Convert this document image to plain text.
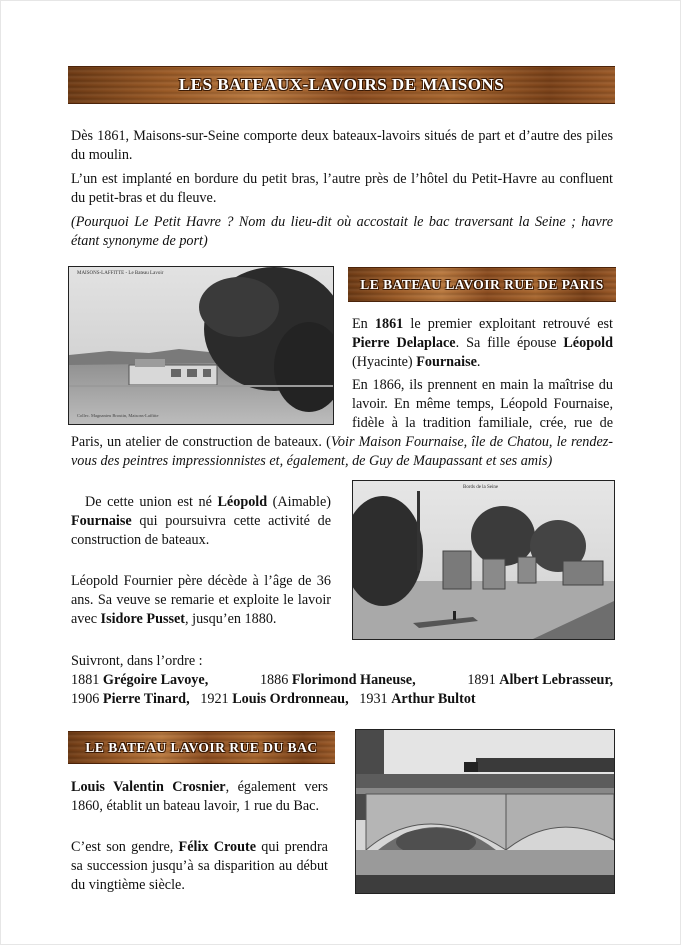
LES BATEAUX-LAVOIRS DE MAISONS

Dès 1861, Maisons-sur-Seine comporte deux bateaux-lavoirs situés de part et d’autre des piles du moulin.

L’un est implanté en bordure du petit bras, l’autre près de l’hôtel du Petit-Havre au confluent du petit-bras et du fleuve.

(Pourquoi Le Petit Havre ? Nom du lieu-dit où accostait le bac traversant la Seine ; havre étant synonyme de port)

MAISONS-LAFFITTE - Le Bateau Lavoir
Collec. Magnanieu Broutin, Maisons-Laffitte
LE BATEAU LAVOIR RUE DE PARIS

En 1861 le premier exploitant retrouvé est Pierre Delaplace. Sa fille épouse Léopold (Hyacinte) Fournaise.

En 1866, ils prennent en main la maîtrise du lavoir. En même temps, Léopold Fournaise, fidèle à la tradition familiale, crée, rue de Paris, un atelier de construction de bateaux. (Voir Maison Fournaise, île de Chatou, le rendez-vous des peintres impressionnistes et, également, de Guy de Maupassant et ses amis)

Bords de la Seine

De cette union est né Léopold (Aimable) Fournaise qui poursuivra cette activité de construction de bateaux.

Léopold Fournier père décède à l’âge de 36 ans. Sa veuve se remarie et exploite le lavoir avec Isidore Pusset, jusqu’en 1880.

Suivront, dans l’ordre :
1881 Grégoire Lavoye,	1886 Florimond Haneuse,	1891 Albert Lebrasseur,
1906 Pierre Tinard, 1921 Louis Ordronneau, 1931 Arthur Bultot
LE BATEAU LAVOIR RUE DU BAC

Louis Valentin Crosnier, également vers 1860, établit un bateau lavoir, 1 rue du Bac.

C’est son gendre, Félix Croute qui prendra sa succession jusqu’à sa disparition au début du vingtième siècle.
